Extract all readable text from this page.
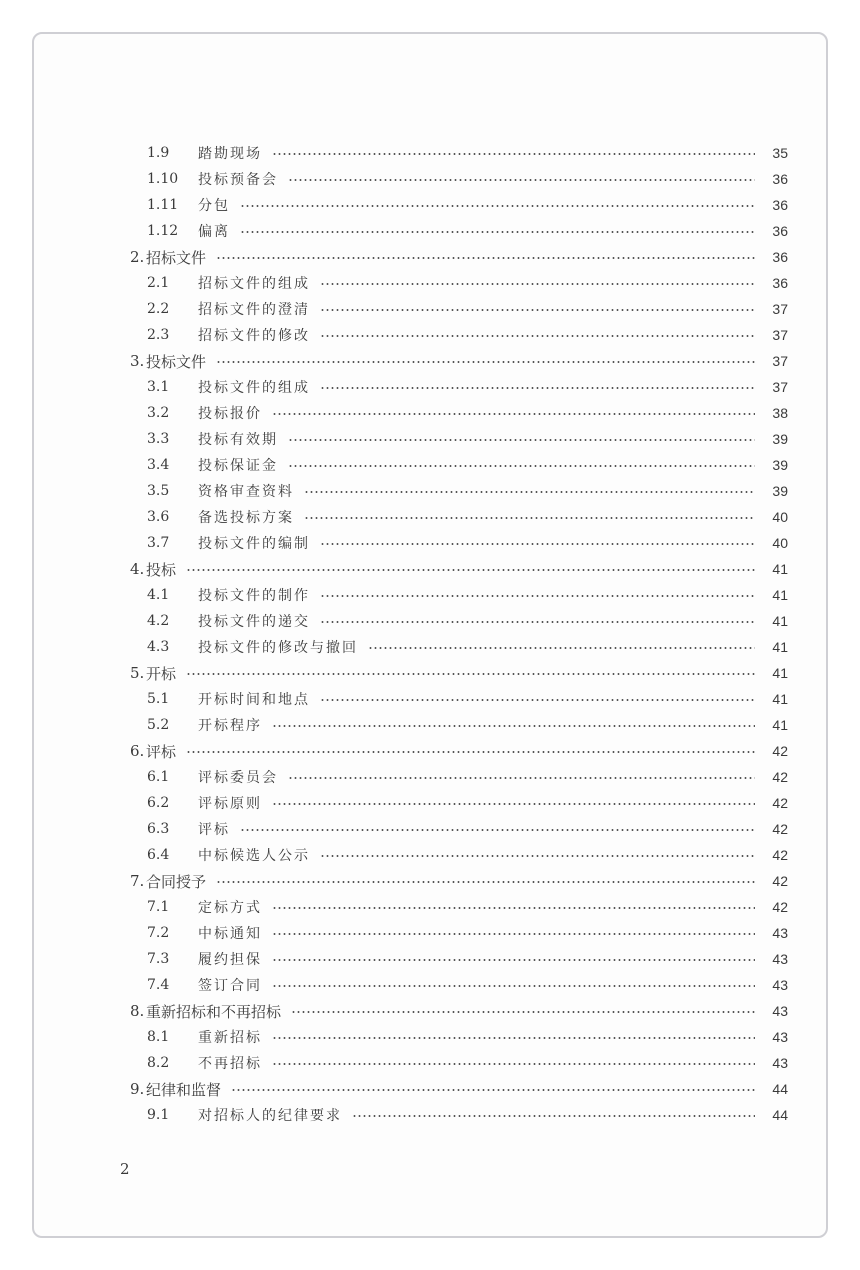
1.9 踏勘现场	35
1.10 投标预备会	36
1.11 分包	36
1.12 偏离	36
2. 招标文件	36
2.1 招标文件的组成	36
2.2 招标文件的澄清	37
2.3 招标文件的修改	37
3. 投标文件	37
3.1 投标文件的组成	37
3.2 投标报价	38
3.3 投标有效期	39
3.4 投标保证金	39
3.5 资格审查资料	39
3.6 备选投标方案	40
3.7 投标文件的编制	40
4. 投标	41
4.1 投标文件的制作	41
4.2 投标文件的递交	41
4.3 投标文件的修改与撤回	41
5. 开标	41
5.1 开标时间和地点	41
5.2 开标程序	41
6. 评标	42
6.1 评标委员会	42
6.2 评标原则	42
6.3 评标	42
6.4 中标候选人公示	42
7. 合同授予	42
7.1 定标方式	42
7.2 中标通知	43
7.3 履约担保	43
7.4 签订合同	43
8. 重新招标和不再招标	43
8.1 重新招标	43
8.2 不再招标	43
9. 纪律和监督	44
9.1 对招标人的纪律要求	44
2
